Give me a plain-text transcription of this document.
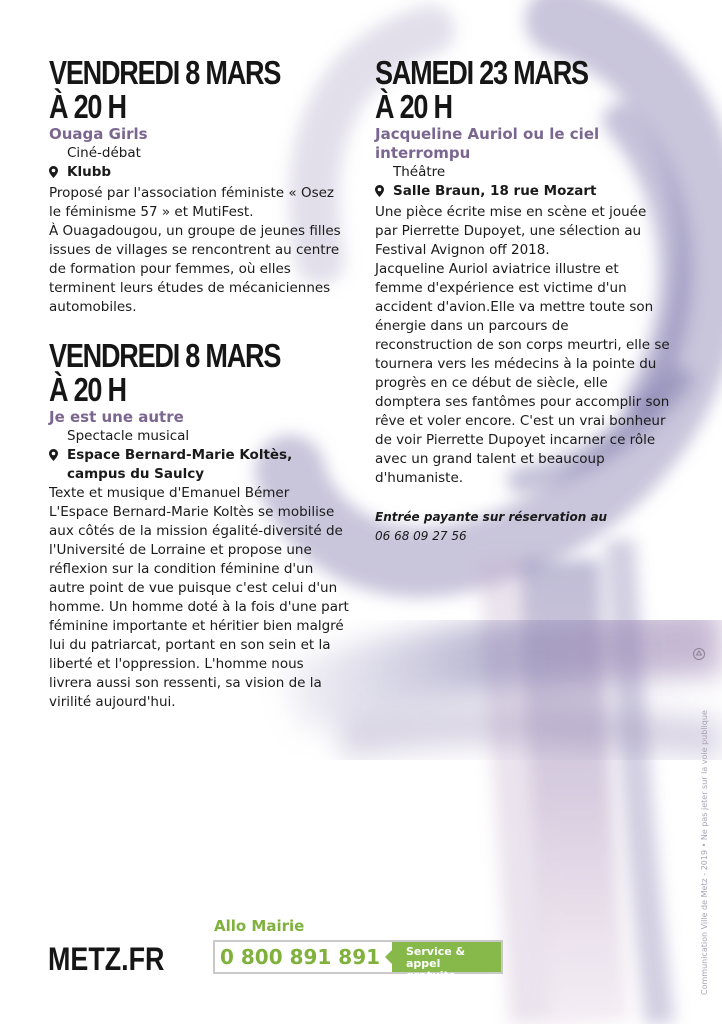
VENDREDI 8 MARS
À 20 H
Ouaga Girls
Ciné-débat
Klubb

Proposé par l'association féministe « Osez le féminisme 57 » et MutiFest.

À Ouagadougou, un groupe de jeunes filles issues de villages se rencontrent au centre de formation pour femmes, où elles terminent leurs études de mécaniciennes automobiles.

VENDREDI 8 MARS
À 20 H
Je est une autre
Spectacle musical
Espace Bernard-Marie Koltès, campus du Saulcy

Texte et musique d'Emanuel Bémer

L'Espace Bernard-Marie Koltès se mobilise aux côtés de la mission égalité-diversité de l'Université de Lorraine et propose une réflexion sur la condition féminine d'un autre point de vue puisque c'est celui d'un homme. Un homme doté à la fois d'une part féminine importante et héritier bien malgré lui du patriarcat, portant en son sein et la liberté et l'oppression. L'homme nous livrera aussi son ressenti, sa vision de la virilité aujourd'hui.

SAMEDI 23 MARS
À 20 H
Jacqueline Auriol ou le ciel interrompu
Théâtre
Salle Braun, 18 rue Mozart

Une pièce écrite mise en scène et jouée par Pierrette Dupoyet, une sélection au Festival Avignon off 2018.

Jacqueline Auriol aviatrice illustre et femme d'expérience est victime d'un accident d'avion.Elle va mettre toute son énergie dans un parcours de reconstruction de son corps meurtri, elle se tournera vers les médecins à la pointe du progrès en ce début de siècle, elle domptera ses fantômes pour accomplir son rêve et voler encore. C'est un vrai bonheur de voir Pierrette Dupoyet incarner ce rôle avec un grand talent et beaucoup d'humaniste.

Entrée payante sur réservation au
06 68 09 27 56
METZ.FR
Allo Mairie
0 800 891 891	Service & appel
gratuits	Communication Ville de Metz - 2019 • Ne pas jeter sur la voie publique
